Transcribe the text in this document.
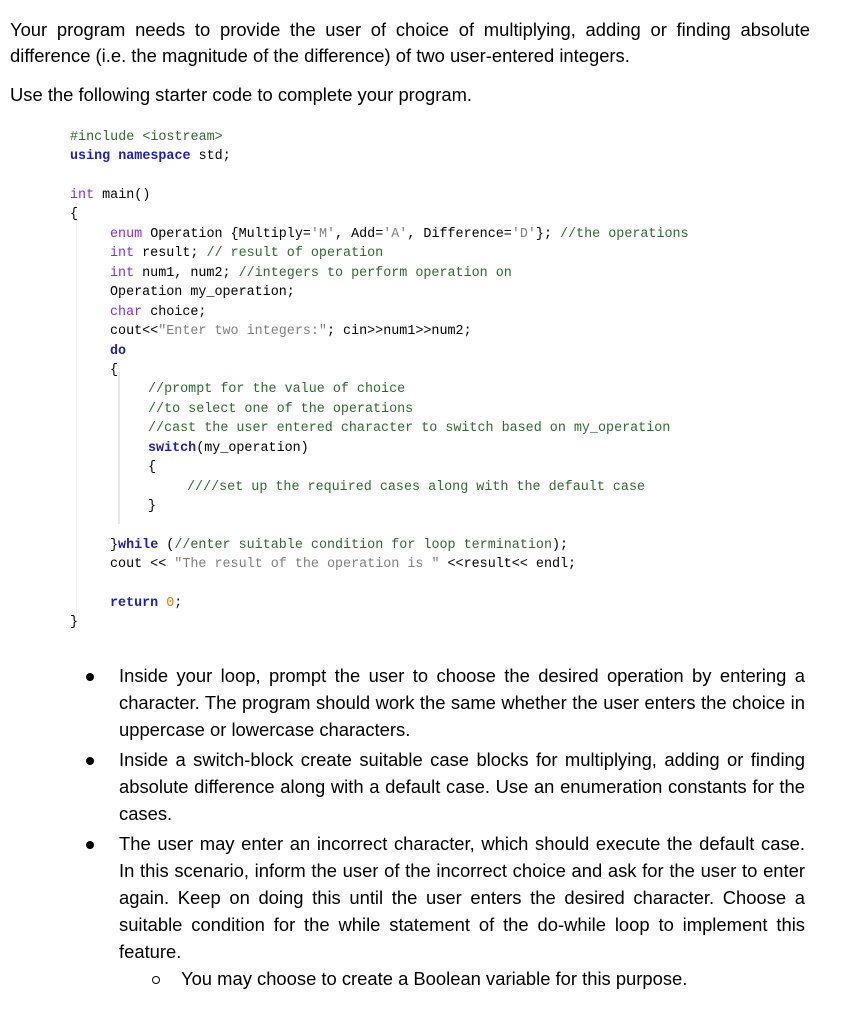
Your program needs to provide the user of choice of multiplying, adding or finding absolute difference (i.e. the magnitude of the difference) of two user-entered integers.

Use the following starter code to complete your program.

#include <iostream>
using namespace std;
int main()
{
enum Operation {Multiply='M', Add='A', Difference='D'}; //the operations
int result; // result of operation
int num1, num2; //integers to perform operation on
Operation my_operation;
char choice;
cout<<"Enter two integers:"; cin>>num1>>num2;
do
{
//prompt for the value of choice
//to select one of the operations
//cast the user entered character to switch based on my_operation
switch(my_operation)
{
////set up the required cases along with the default case
}
}while (//enter suitable condition for loop termination);
cout << "The result of the operation is " <<result<< endl;
return 0;
}
Inside your loop, prompt the user to choose the desired operation by entering a character. The program should work the same whether the user enters the choice in uppercase or lowercase characters.
Inside a switch-block create suitable case blocks for multiplying, adding or finding absolute difference along with a default case. Use an enumeration constants for the cases.
The user may enter an incorrect character, which should execute the default case. In this scenario, inform the user of the incorrect choice and ask for the user to enter again. Keep on doing this until the user enters the desired character. Choose a suitable condition for the while statement of the do-while loop to implement this feature.
You may choose to create a Boolean variable for this purpose.
